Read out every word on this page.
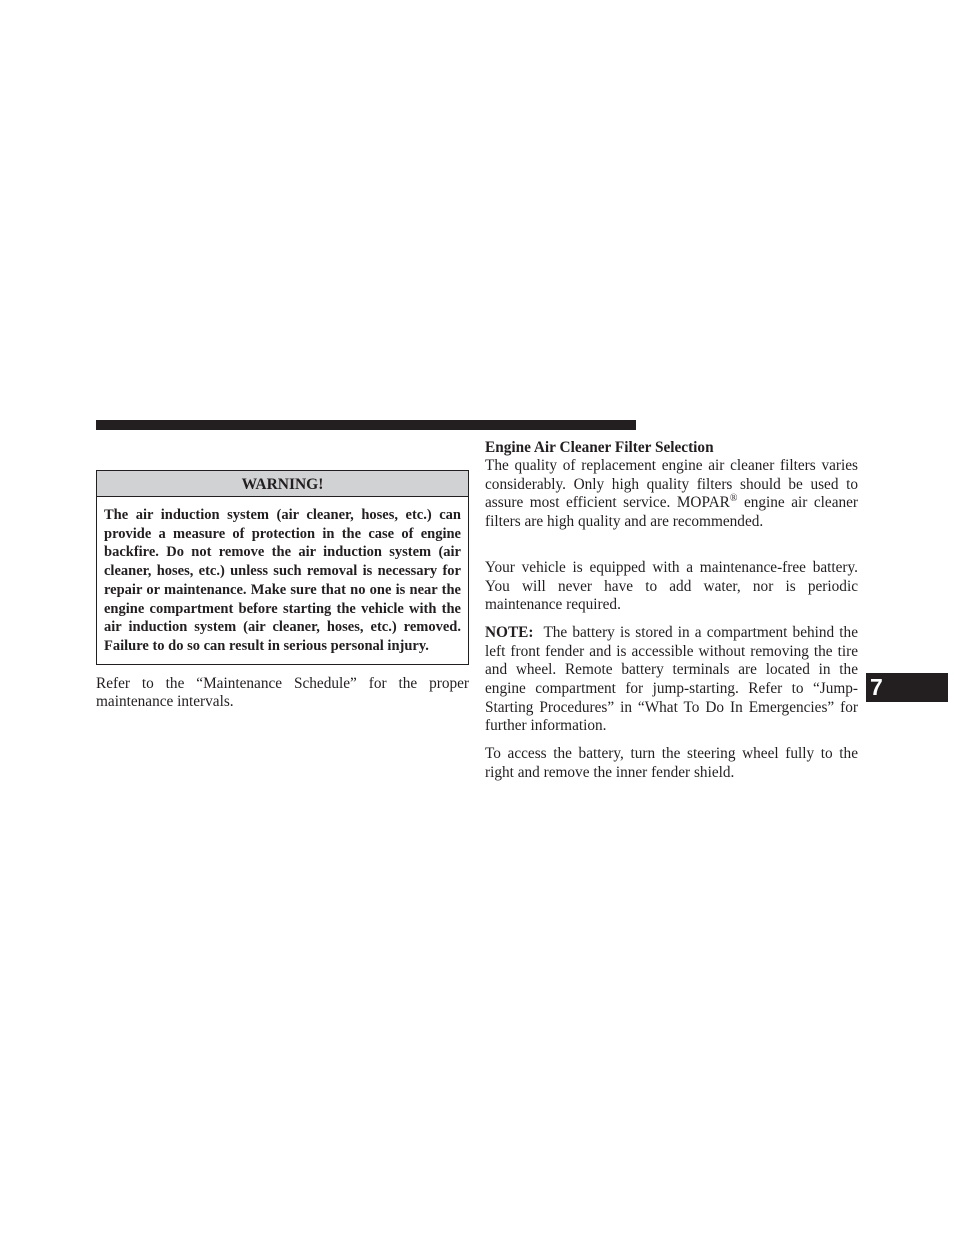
WARNING!
The air induction system (air cleaner, hoses, etc.) can provide a measure of protection in the case of engine backfire. Do not remove the air induction system (air cleaner, hoses, etc.) unless such removal is necessary for repair or maintenance. Make sure that no one is near the engine compartment before starting the vehicle with the air induction system (air cleaner, hoses, etc.) removed. Failure to do so can result in serious personal injury.

Refer to the “Maintenance Schedule” for the proper maintenance intervals.

Engine Air Cleaner Filter Selection

The quality of replacement engine air cleaner filters varies considerably. Only high quality filters should be used to assure most efficient service. MOPAR® engine air cleaner filters are high quality and are recommended.

Your vehicle is equipped with a maintenance-free battery. You will never have to add water, nor is periodic maintenance required.

NOTE: The battery is stored in a compartment behind the left front fender and is accessible without removing the tire and wheel. Remote battery terminals are located in the engine compartment for jump-starting. Refer to “Jump-Starting Procedures” in “What To Do In Emergencies” for further information.

To access the battery, turn the steering wheel fully to the right and remove the inner fender shield.

7
